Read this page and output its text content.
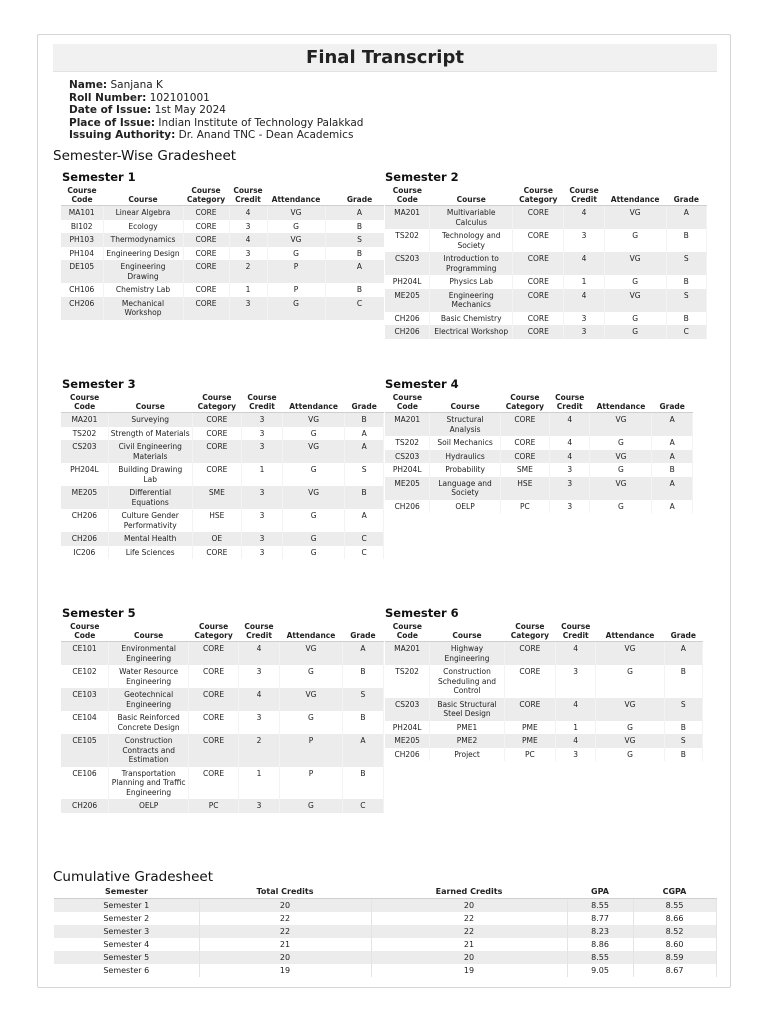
Final Transcript
Name: Sanjana K
Roll Number: 102101001
Date of Issue: 1st May 2024
Place of Issue: Indian Institute of Technology Palakkad
Issuing Authority: Dr. Anand TNC - Dean Academics
Semester-Wise Gradesheet
Semester 1
Course Code	Course	Course Category	Course Credit	Attendance	Grade
MA101	Linear Algebra	CORE	4	VG	A
BI102	Ecology	CORE	3	G	B
PH103	Thermodynamics	CORE	4	VG	S
PH104	Engineering Design	CORE	3	G	B
DE105	Engineering Drawing	CORE	2	P	A
CH106	Chemistry Lab	CORE	1	P	B
CH206	Mechanical Workshop	CORE	3	G	C
Semester 2
Course Code	Course	Course Category	Course Credit	Attendance	Grade
MA201	Multivariable Calculus	CORE	4	VG	A
TS202	Technology and Society	CORE	3	G	B
CS203	Introduction to Programming	CORE	4	VG	S
PH204L	Physics Lab	CORE	1	G	B
ME205	Engineering Mechanics	CORE	4	VG	S
CH206	Basic Chemistry	CORE	3	G	B
CH206	Electrical Workshop	CORE	3	G	C
Semester 3
Course Code	Course	Course Category	Course Credit	Attendance	Grade
MA201	Surveying	CORE	3	VG	B
TS202	Strength of Materials	CORE	3	G	A
CS203	Civil Engineering Materials	CORE	3	VG	A
PH204L	Building Drawing Lab	CORE	1	G	S
ME205	Differential Equations	SME	3	VG	B
CH206	Culture Gender Performativity	HSE	3	G	A
CH206	Mental Health	OE	3	G	C
IC206	Life Sciences	CORE	3	G	C
Semester 4
Course Code	Course	Course Category	Course Credit	Attendance	Grade
MA201	Structural Analysis	CORE	4	VG	A
TS202	Soil Mechanics	CORE	4	G	A
CS203	Hydraulics	CORE	4	VG	A
PH204L	Probability	SME	3	G	B
ME205	Language and Society	HSE	3	VG	A
CH206	OELP	PC	3	G	A
Semester 5
Course Code	Course	Course Category	Course Credit	Attendance	Grade
CE101	Environmental Engineering	CORE	4	VG	A
CE102	Water Resource Engineering	CORE	3	G	B
CE103	Geotechnical Engineering	CORE	4	VG	S
CE104	Basic Reinforced Concrete Design	CORE	3	G	B
CE105	Construction Contracts and Estimation	CORE	2	P	A
CE106	Transportation Planning and Traffic Engineering	CORE	1	P	B
CH206	OELP	PC	3	G	C
Semester 6
Course Code	Course	Course Category	Course Credit	Attendance	Grade
MA201	Highway Engineering	CORE	4	VG	A
TS202	Construction Scheduling and Control	CORE	3	G	B
CS203	Basic Structural Steel Design	CORE	4	VG	S
PH204L	PME1	PME	1	G	B
ME205	PME2	PME	4	VG	S
CH206	Project	PC	3	G	B
Cumulative Gradesheet
Semester	Total Credits	Earned Credits	GPA	CGPA
Semester 1	20	20	8.55	8.55
Semester 2	22	22	8.77	8.66
Semester 3	22	22	8.23	8.52
Semester 4	21	21	8.86	8.60
Semester 5	20	20	8.55	8.59
Semester 6	19	19	9.05	8.67
